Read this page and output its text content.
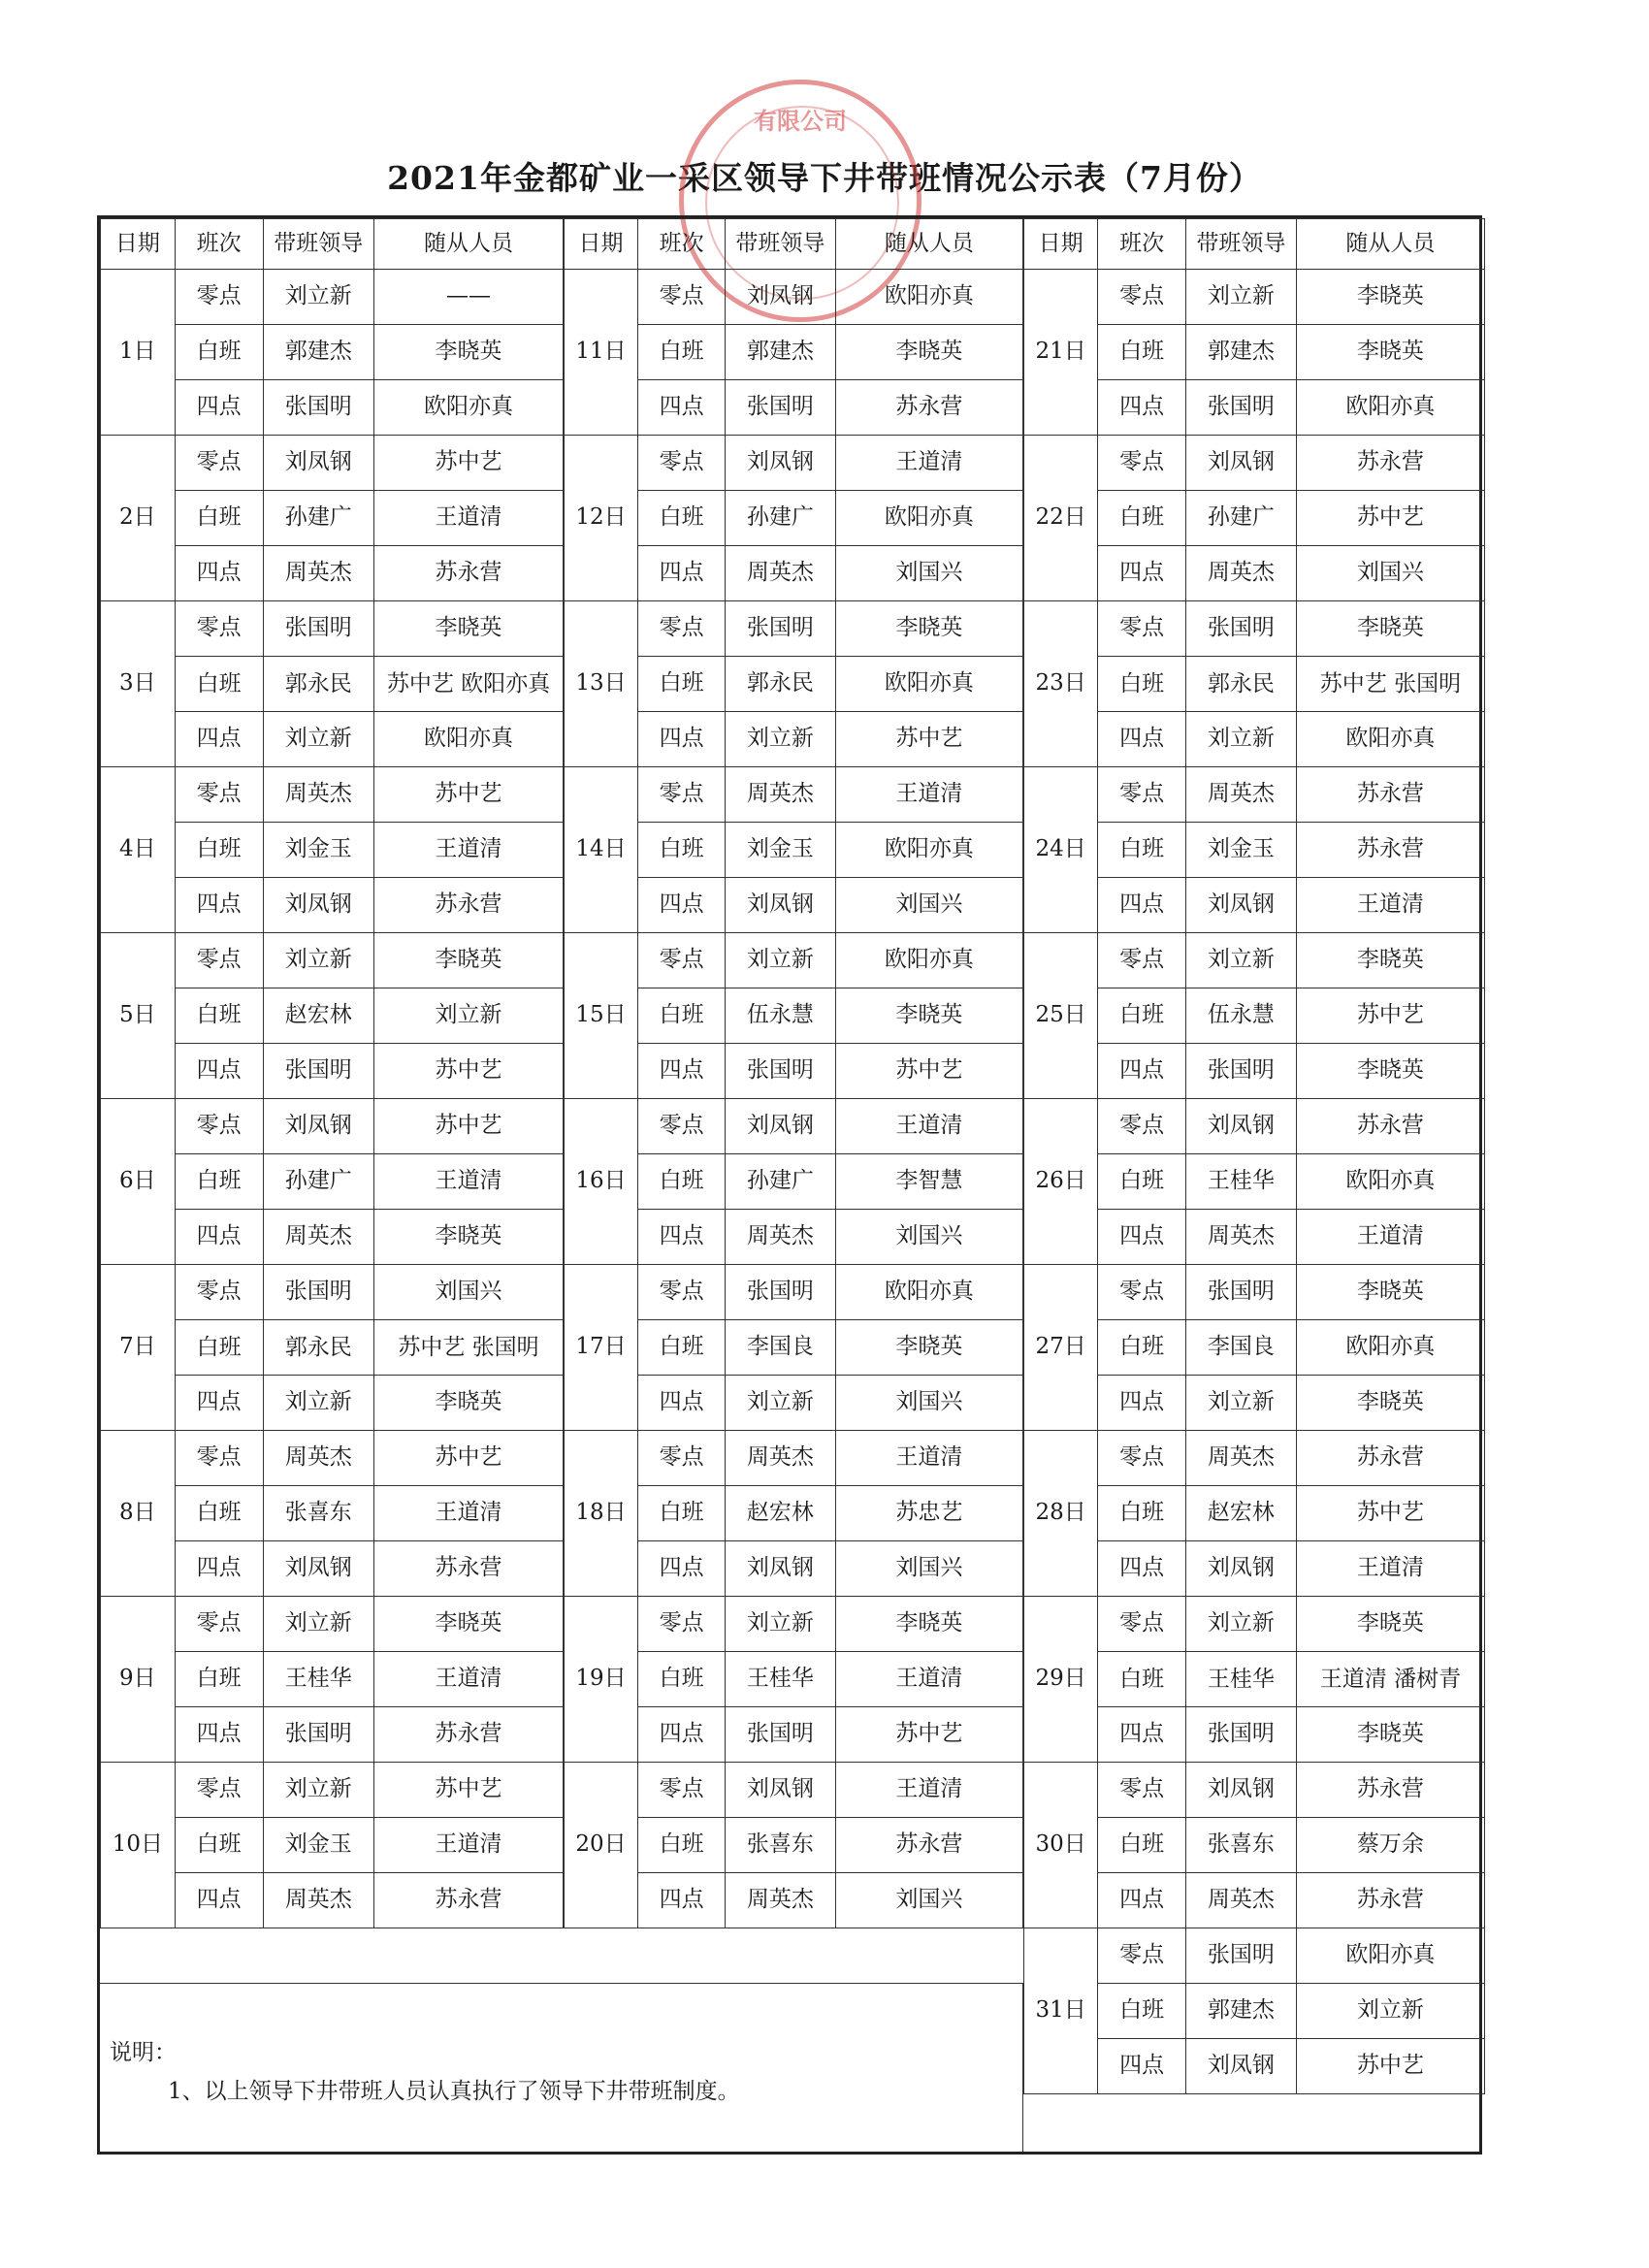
2021年金都矿业一采区领导下井带班情况公示表（7月份）
有限公司
日期	班次	带班领导	随从人员
1日	零点	刘立新	——
	白班	郭建杰	李晓英
	四点	张国明	欧阳亦真
2日	零点	刘凤钢	苏中艺
	白班	孙建广	王道清
	四点	周英杰	苏永营
3日	零点	张国明	李晓英
	白班	郭永民	苏中艺 欧阳亦真
	四点	刘立新	欧阳亦真
4日	零点	周英杰	苏中艺
	白班	刘金玉	王道清
	四点	刘凤钢	苏永营
5日	零点	刘立新	李晓英
	白班	赵宏林	刘立新
	四点	张国明	苏中艺
6日	零点	刘凤钢	苏中艺
	白班	孙建广	王道清
	四点	周英杰	李晓英
7日	零点	张国明	刘国兴
	白班	郭永民	苏中艺 张国明
	四点	刘立新	李晓英
8日	零点	周英杰	苏中艺
	白班	张喜东	王道清
	四点	刘凤钢	苏永营
9日	零点	刘立新	李晓英
	白班	王桂华	王道清
	四点	张国明	苏永营
10日	零点	刘立新	苏中艺
	白班	刘金玉	王道清
	四点	周英杰	苏永营
日期	班次	带班领导	随从人员
11日	零点	刘凤钢	欧阳亦真
	白班	郭建杰	李晓英
	四点	张国明	苏永营
12日	零点	刘凤钢	王道清
	白班	孙建广	欧阳亦真
	四点	周英杰	刘国兴
13日	零点	张国明	李晓英
	白班	郭永民	欧阳亦真
	四点	刘立新	苏中艺
14日	零点	周英杰	王道清
	白班	刘金玉	欧阳亦真
	四点	刘凤钢	刘国兴
15日	零点	刘立新	欧阳亦真
	白班	伍永慧	李晓英
	四点	张国明	苏中艺
16日	零点	刘凤钢	王道清
	白班	孙建广	李智慧
	四点	周英杰	刘国兴
17日	零点	张国明	欧阳亦真
	白班	李国良	李晓英
	四点	刘立新	刘国兴
18日	零点	周英杰	王道清
	白班	赵宏林	苏忠艺
	四点	刘凤钢	刘国兴
19日	零点	刘立新	李晓英
	白班	王桂华	王道清
	四点	张国明	苏中艺
20日	零点	刘凤钢	王道清
	白班	张喜东	苏永营
	四点	周英杰	刘国兴
日期	班次	带班领导	随从人员
21日	零点	刘立新	李晓英
	白班	郭建杰	李晓英
	四点	张国明	欧阳亦真
22日	零点	刘凤钢	苏永营
	白班	孙建广	苏中艺
	四点	周英杰	刘国兴
23日	零点	张国明	李晓英
	白班	郭永民	苏中艺 张国明
	四点	刘立新	欧阳亦真
24日	零点	周英杰	苏永营
	白班	刘金玉	苏永营
	四点	刘凤钢	王道清
25日	零点	刘立新	李晓英
	白班	伍永慧	苏中艺
	四点	张国明	李晓英
26日	零点	刘凤钢	苏永营
	白班	王桂华	欧阳亦真
	四点	周英杰	王道清
27日	零点	张国明	李晓英
	白班	李国良	欧阳亦真
	四点	刘立新	李晓英
28日	零点	周英杰	苏永营
	白班	赵宏林	苏中艺
	四点	刘凤钢	王道清
29日	零点	刘立新	李晓英
	白班	王桂华	王道清 潘树青
	四点	张国明	李晓英
30日	零点	刘凤钢	苏永营
	白班	张喜东	蔡万余
	四点	周英杰	苏永营
31日	零点	张国明	欧阳亦真
	白班	郭建杰	刘立新
	四点	刘凤钢	苏中艺

说明：

1、以上领导下井带班人员认真执行了领导下井带班制度。
